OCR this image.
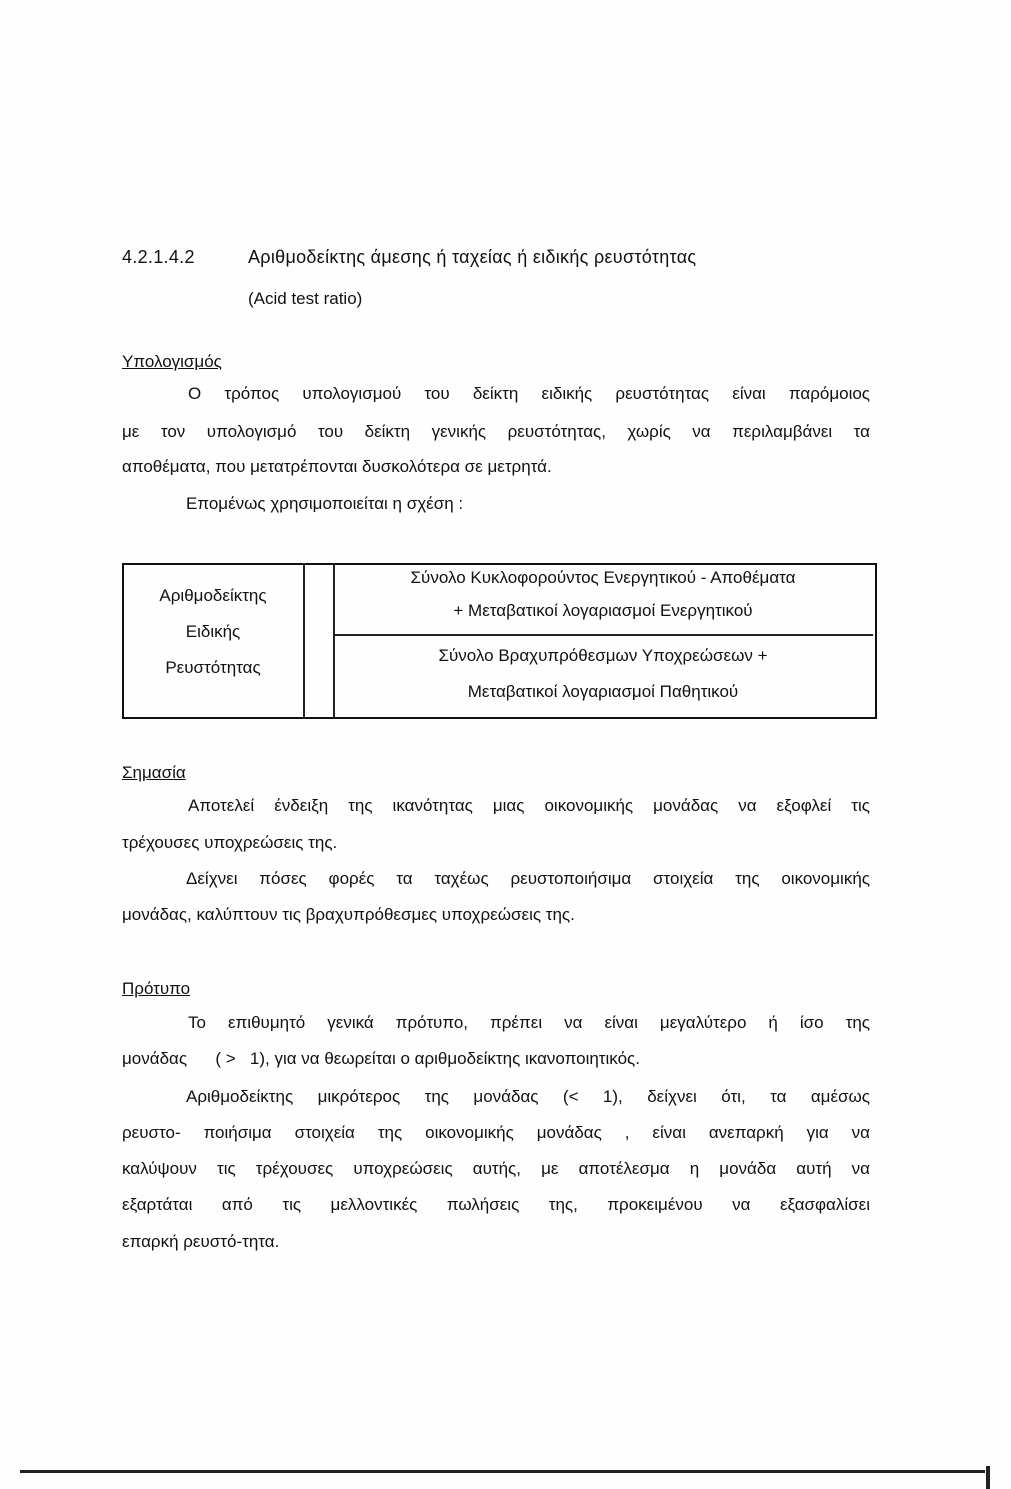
4.2.1.4.2	Αριθμοδείκτης άμεσης ή ταχείας ή ειδικής ρευστότητας
(Acid test ratio)
Υπολογισμός
Ο τρόπος υπολογισμού του δείκτη ειδικής ρευστότητας είναι παρόμοιος
με τον υπολογισμό του δείκτη γενικής ρευστότητας, χωρίς να περιλαμβάνει τα
αποθέματα, που μετατρέπονται δυσκολότερα σε μετρητά.
Επομένως χρησιμοποιείται η σχέση :
Αριθμοδείκτης
Ειδικής
Ρευστότητας
Σύνολο Κυκλοφορούντος Ενεργητικού - Αποθέματα
+ Μεταβατικοί λογαριασμοί Ενεργητικού
Σύνολο Βραχυπρόθεσμων Υποχρεώσεων +
Μεταβατικοί λογαριασμοί Παθητικού
Σημασία
Αποτελεί ένδειξη της ικανότητας μιας οικονομικής μονάδας να εξοφλεί τις
τρέχουσες υποχρεώσεις της.
Δείχνει πόσες φορές τα ταχέως ρευστοποιήσιμα στοιχεία της οικονομικής
μονάδας, καλύπτουν τις βραχυπρόθεσμες υποχρεώσεις της.
Πρότυπο
Το επιθυμητό γενικά πρότυπο, πρέπει να είναι μεγαλύτερο ή ίσο της
μονάδας      ( >   1), για να θεωρείται ο αριθμοδείκτης ικανοποιητικός.
Αριθμοδείκτης μικρότερος της μονάδας (< 1), δείχνει ότι, τα αμέσως
ρευστο- ποιήσιμα στοιχεία της οικονομικής μονάδας , είναι ανεπαρκή για να
καλύψουν τις τρέχουσες υποχρεώσεις αυτής, με αποτέλεσμα η μονάδα αυτή να
εξαρτάται από τις μελλοντικές πωλήσεις της, προκειμένου να εξασφαλίσει
επαρκή ρευστό-τητα.
